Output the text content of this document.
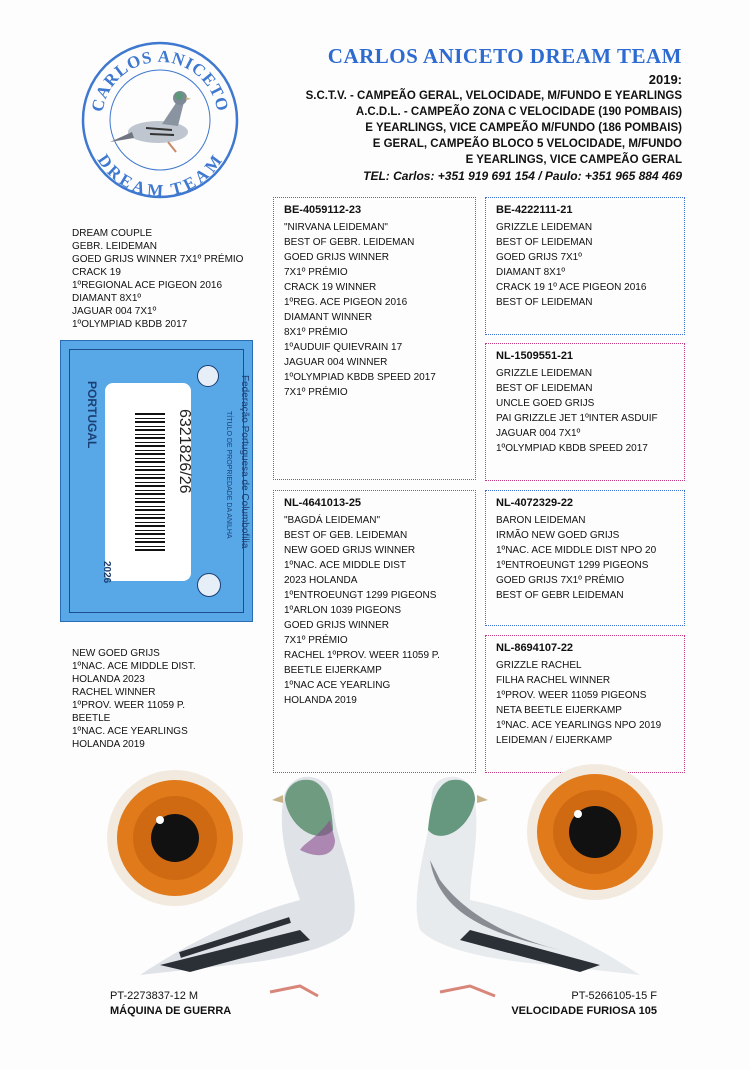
CARLOS ANICETO
DREAM TEAM
CARLOS ANICETO DREAM TEAM
2019:
S.C.T.V. - CAMPEÃO GERAL, VELOCIDADE, M/FUNDO E YEARLINGS
A.C.D.L. - CAMPEÃO ZONA C VELOCIDADE (190 POMBAIS)
E YEARLINGS, VICE CAMPEÃO M/FUNDO (186 POMBAIS)
E GERAL, CAMPEÃO BLOCO 5 VELOCIDADE, M/FUNDO
E YEARLINGS, VICE CAMPEÃO GERAL
TEL: Carlos: +351 919 691 154 / Paulo: +351 965 884 469
DREAM COUPLE
GEBR. LEIDEMAN
GOED GRIJS WINNER 7X1º PRÉMIO
CRACK 19
1ºREGIONAL ACE PIGEON 2016
DIAMANT 8X1º
JAGUAR 004 7X1º
1ºOLYMPIAD KBDB 2017
NEW GOED GRIJS
1ºNAC. ACE MIDDLE DIST.
HOLANDA 2023
RACHEL WINNER
1ºPROV. WEER 11059 P.
BEETLE
1ºNAC. ACE YEARLINGS
HOLANDA 2019
PORTUGAL	6321826/26	Federação Portuguesa de Columbofilia
TÍTULO DE PROPRIEDADE DA ANILHA
2026
BE-4059112-23
"NIRVANA LEIDEMAN"
BEST OF GEBR. LEIDEMAN
GOED GRIJS WINNER
7X1º PRÉMIO
CRACK 19 WINNER
1ºREG. ACE PIGEON 2016
DIAMANT WINNER
8X1º PRÉMIO
1ºAUDUIF QUIEVRAIN 17
JAGUAR 004 WINNER
1ºOLYMPIAD KBDB SPEED 2017
7X1º PRÉMIO
BE-4222111-21
GRIZZLE LEIDEMAN
BEST OF LEIDEMAN
GOED GRIJS 7X1º
DIAMANT 8X1º
CRACK 19 1º ACE PIGEON 2016
BEST OF LEIDEMAN
NL-1509551-21
GRIZZLE LEIDEMAN
BEST OF LEIDEMAN
UNCLE GOED GRIJS
PAI GRIZZLE JET 1ºINTER ASDUIF
JAGUAR 004 7X1º
1ºOLYMPIAD KBDB SPEED 2017
NL-4641013-25
"BAGDÁ LEIDEMAN"
BEST OF GEB. LEIDEMAN
NEW GOED GRIJS WINNER
1ºNAC. ACE MIDDLE DIST
2023 HOLANDA
1ºENTROEUNGT 1299 PIGEONS
1ºARLON 1039 PIGEONS
GOED GRIJS WINNER
7X1º PRÉMIO
RACHEL 1ºPROV. WEER 11059 P.
BEETLE EIJERKAMP
1ºNAC ACE YEARLING
HOLANDA 2019
NL-4072329-22
BARON LEIDEMAN
IRMÃO NEW GOED GRIJS
1ºNAC. ACE MIDDLE DIST NPO 20
1ºENTROEUNGT 1299 PIGEONS
GOED GRIJS 7X1º PRÉMIO
BEST OF GEBR LEIDEMAN
NL-8694107-22
GRIZZLE RACHEL
FILHA RACHEL WINNER
1ºPROV. WEER 11059 PIGEONS
NETA BEETLE EIJERKAMP
1ºNAC. ACE YEARLINGS NPO 2019
LEIDEMAN / EIJERKAMP
PT-2273837-12 M
MÁQUINA DE GUERRA
PT-5266105-15 F
VELOCIDADE FURIOSA 105
